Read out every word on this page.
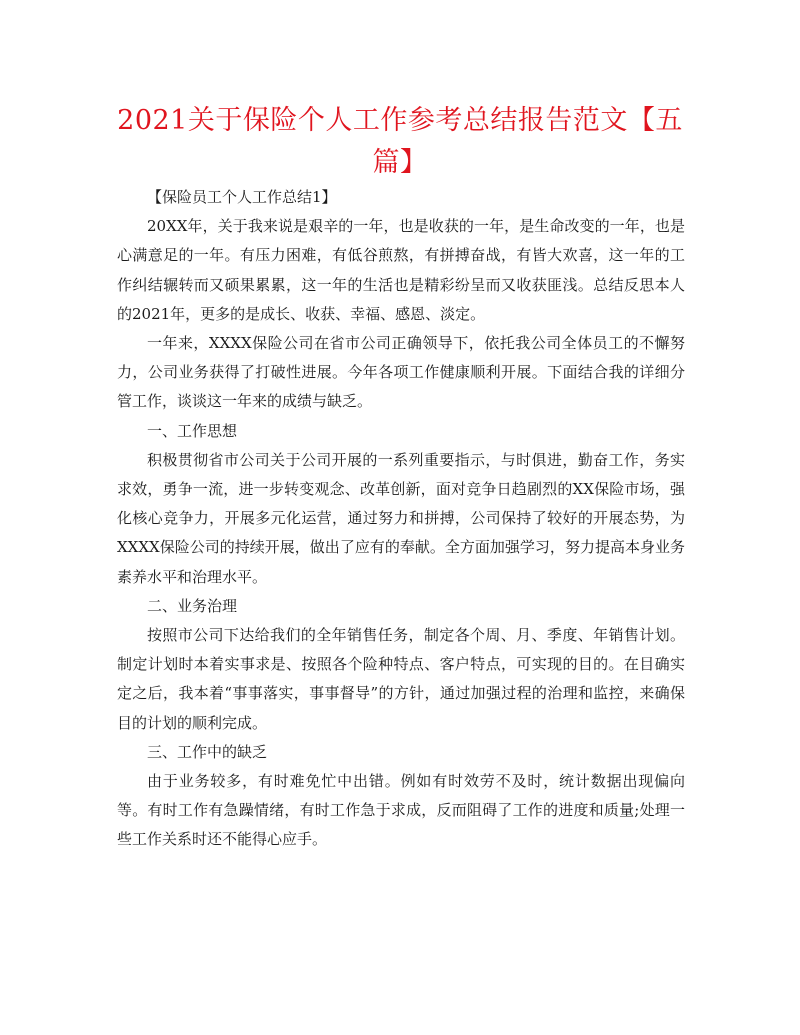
2021关于保险个人工作参考总结报告范文【五篇】

【保险员工个人工作总结1】

20XX年，关于我来说是艰辛的一年，也是收获的一年，是生命改变的一年，也是心满意足的一年。有压力困难，有低谷煎熬，有拼搏奋战，有皆大欢喜，这一年的工作纠结辗转而又硕果累累，这一年的生活也是精彩纷呈而又收获匪浅。总结反思本人的2021年，更多的是成长、收获、幸福、感恩、淡定。

一年来，XXXX保险公司在省市公司正确领导下，依托我公司全体员工的不懈努力，公司业务获得了打破性进展。今年各项工作健康顺利开展。下面结合我的详细分管工作，谈谈这一年来的成绩与缺乏。

一、工作思想

积极贯彻省市公司关于公司开展的一系列重要指示，与时俱进，勤奋工作，务实求效，勇争一流，进一步转变观念、改革创新，面对竞争日趋剧烈的XX保险市场，强化核心竞争力，开展多元化运营，通过努力和拼搏，公司保持了较好的开展态势，为XXXX保险公司的持续开展，做出了应有的奉献。全方面加强学习，努力提高本身业务素养水平和治理水平。

二、业务治理

按照市公司下达给我们的全年销售任务，制定各个周、月、季度、年销售计划。制定计划时本着实事求是、按照各个险种特点、客户特点，可实现的目的。在目确实定之后，我本着“事事落实，事事督导”的方针，通过加强过程的治理和监控，来确保目的计划的顺利完成。

三、工作中的缺乏

由于业务较多，有时难免忙中出错。例如有时效劳不及时，统计数据出现偏向等。有时工作有急躁情绪，有时工作急于求成，反而阻碍了工作的进度和质量;处理一些工作关系时还不能得心应手。
